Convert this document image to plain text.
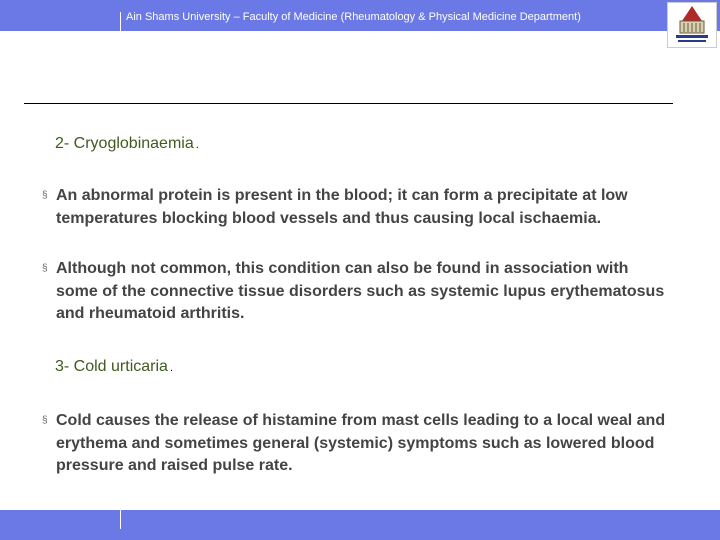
Ain Shams University – Faculty of Medicine (Rheumatology & Physical Medicine Department)
2- Cryoglobinaemia .
§ An abnormal protein is present in the blood; it can form a precipitate at low temperatures blocking blood vessels and thus causing local ischaemia.
§ Although not common, this condition can also be found in association with some of the connective tissue disorders such as systemic lupus erythematosus and rheumatoid arthritis.
3- Cold urticaria .
§ Cold causes the release of histamine from mast cells leading to a local weal and erythema and sometimes general (systemic) symptoms such as lowered blood pressure and raised pulse rate.
